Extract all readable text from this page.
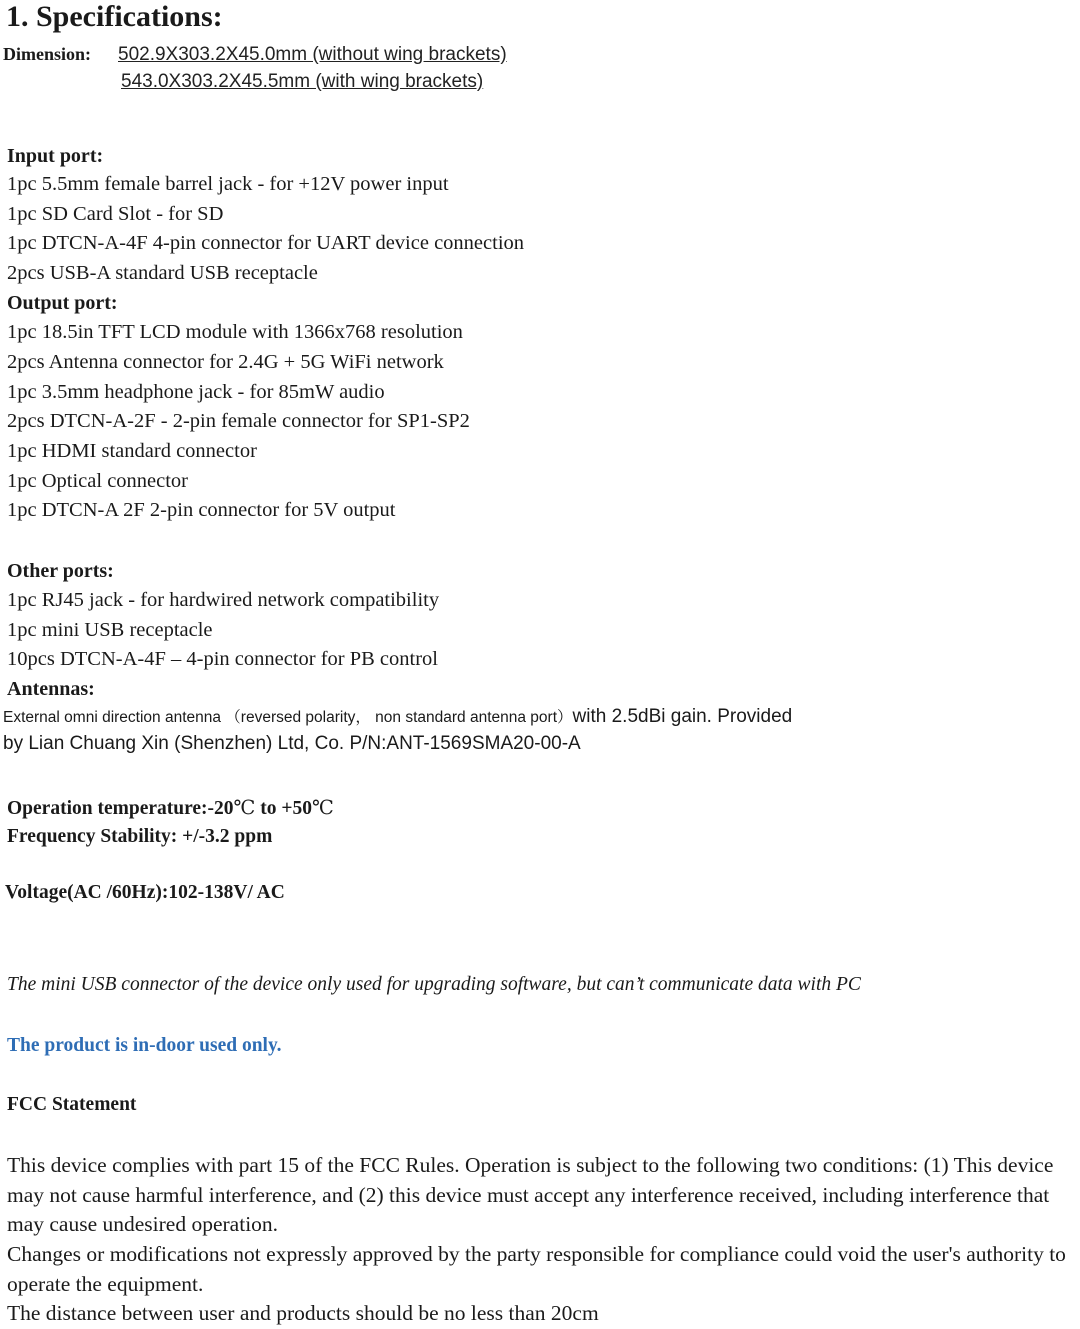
1. Specifications:
Dimension: 502.9X303.2X45.0mm (without wing brackets)
543.0X303.2X45.5mm (with wing brackets)
Input port:
1pc 5.5mm female barrel jack - for +12V power input
1pc SD Card Slot - for SD
1pc DTCN-A-4F 4-pin connector for UART device connection
2pcs USB-A standard USB receptacle
Output port:
1pc 18.5in TFT LCD module with 1366x768 resolution
2pcs Antenna connector for 2.4G + 5G WiFi network
1pc 3.5mm headphone jack - for 85mW audio
2pcs DTCN-A-2F - 2-pin female connector for SP1-SP2
1pc HDMI standard connector
1pc Optical connector
1pc DTCN-A 2F 2-pin connector for 5V output
Other ports:
1pc RJ45 jack - for hardwired network compatibility
1pc mini USB receptacle
10pcs DTCN-A-4F – 4-pin connector for PB control
Antennas:
External omni direction antenna （reversed polarity， non standard antenna port）with 2.5dBi gain. Provided
by Lian Chuang Xin (Shenzhen) Ltd, Co. P/N:ANT-1569SMA20-00-A
Operation temperature:-20℃ to +50℃
Frequency Stability: +/-3.2 ppm
Voltage(AC /60Hz):102-138V/ AC
The mini USB connector of the device only used for upgrading software, but can’t communicate data with PC
The product is in-door used only.
FCC Statement
This device complies with part 15 of the FCC Rules. Operation is subject to the following two conditions: (1) This device may not cause harmful interference, and (2) this device must accept any interference received, including interference that may cause undesired operation.
Changes or modifications not expressly approved by the party responsible for compliance could void the user's authority to operate the equipment.
The distance between user and products should be no less than 20cm
